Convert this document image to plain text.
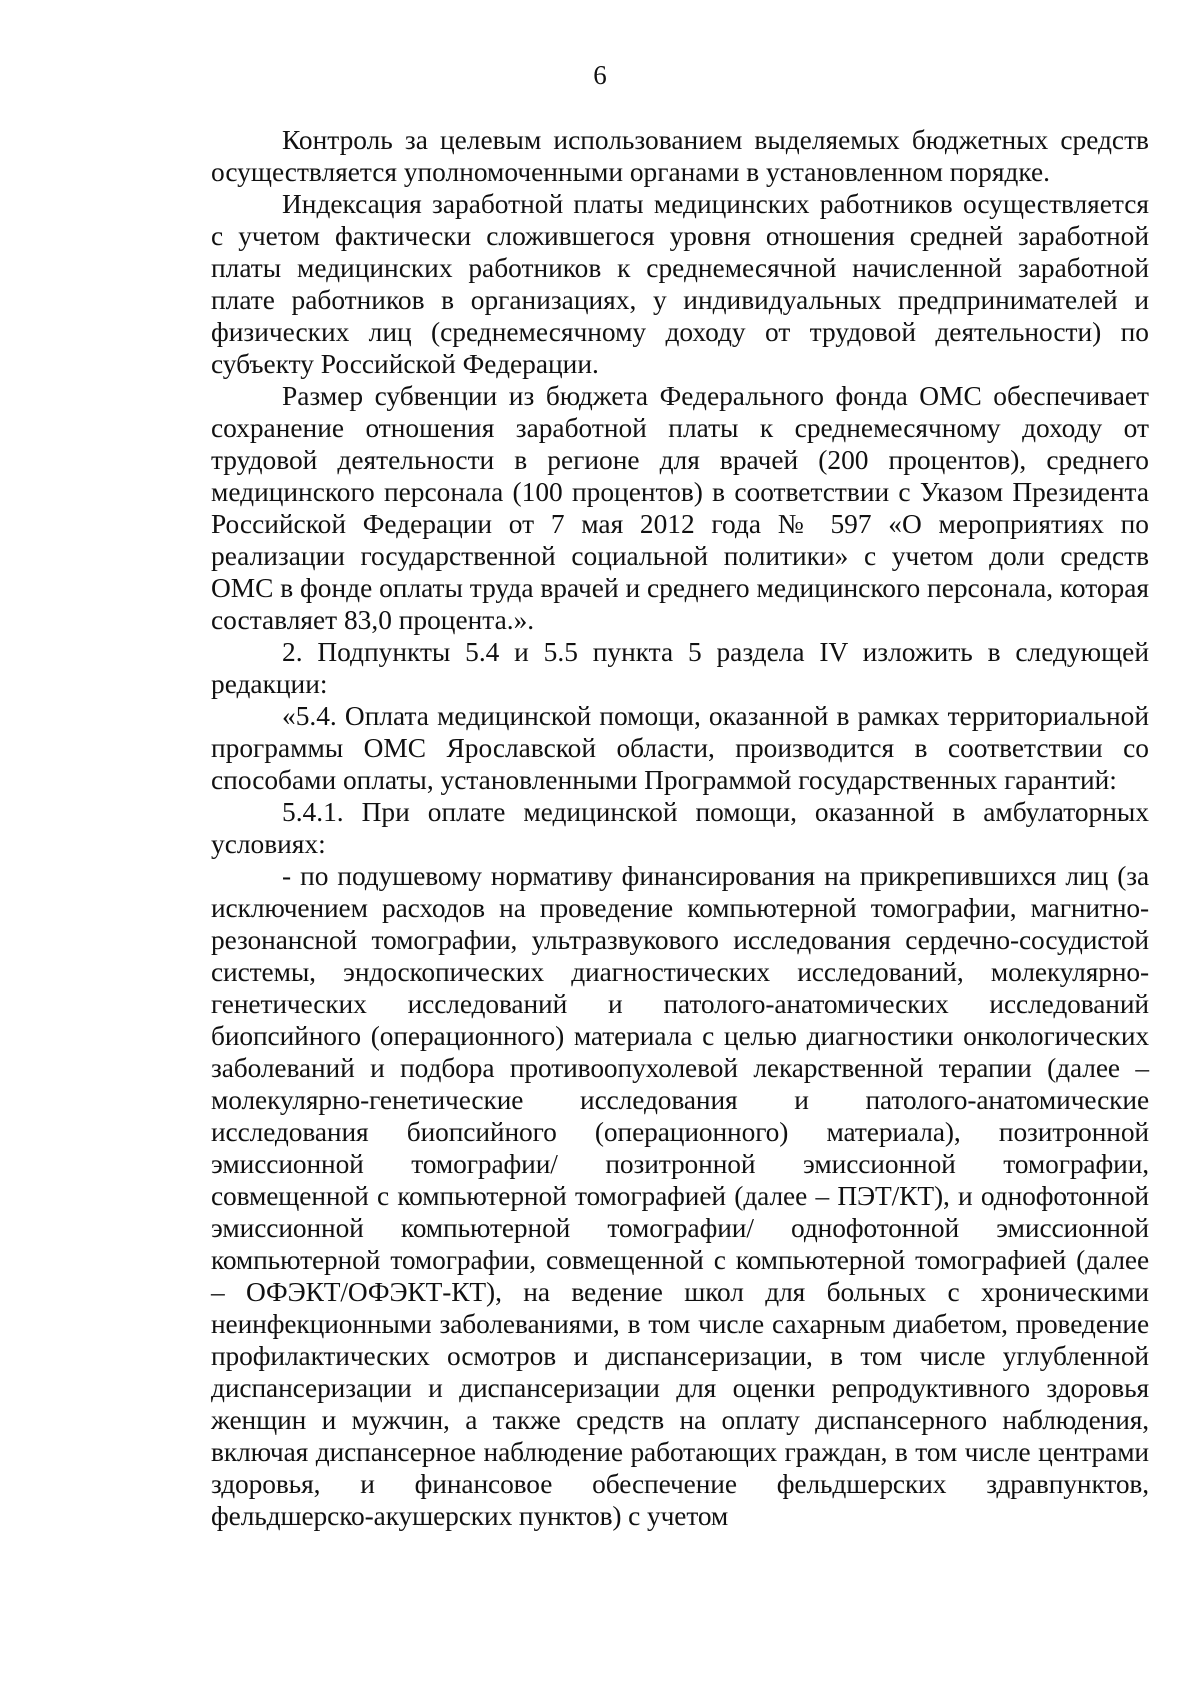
6

Контроль за целевым использованием выделяемых бюджетных средств осуществляется уполномоченными органами в установленном порядке.

Индексация заработной платы медицинских работников осуществляется с учетом фактически сложившегося уровня отношения средней заработной платы медицинских работников к среднемесячной начисленной заработной плате работников в организациях, у индивидуальных предпринимателей и физических лиц (среднемесячному доходу от трудовой деятельности) по субъекту Российской Федерации.

Размер субвенции из бюджета Федерального фонда ОМС обеспечивает сохранение отношения заработной платы к среднемесячному доходу от трудовой деятельности в регионе для врачей (200 процентов), среднего медицинского персонала (100 процентов) в соответствии с Указом Президента Российской Федерации от 7 мая 2012 года № 597 «О мероприятиях по реализации государственной социальной политики» с учетом доли средств ОМС в фонде оплаты труда врачей и среднего медицинского персонала, которая составляет 83,0 процента.».

2. Подпункты 5.4 и 5.5 пункта 5 раздела IV изложить в следующей редакции:

«5.4. Оплата медицинской помощи, оказанной в рамках территориальной программы ОМС Ярославской области, производится в соответствии со способами оплаты, установленными Программой государственных гарантий:

5.4.1. При оплате медицинской помощи, оказанной в амбулаторных условиях:

- по подушевому нормативу финансирования на прикрепившихся лиц (за исключением расходов на проведение компьютерной томографии, магнитно-резонансной томографии, ультразвукового исследования сердечно-сосудистой системы, эндоскопических диагностических исследований, молекулярно-генетических исследований и патолого-анатомических исследований биопсийного (операционного) материала с целью диагностики онкологических заболеваний и подбора противоопухолевой лекарственной терапии (далее – молекулярно-генетические исследования и патолого-анатомические исследования биопсийного (операционного) материала), позитронной эмиссионной томографии/ позитронной эмиссионной томографии, совмещенной с компьютерной томографией (далее – ПЭТ/КТ), и однофотонной эмиссионной компьютерной томографии/ однофотонной эмиссионной компьютерной томографии, совмещенной с компьютерной томографией (далее – ОФЭКТ/ОФЭКТ-КТ), на ведение школ для больных с хроническими неинфекционными заболеваниями, в том числе сахарным диабетом, проведение профилактических осмотров и диспансеризации, в том числе углубленной диспансеризации и диспансеризации для оценки репродуктивного здоровья женщин и мужчин, а также средств на оплату диспансерного наблюдения, включая диспансерное наблюдение работающих граждан, в том числе центрами здоровья, и финансовое обеспечение фельдшерских здравпунктов, фельдшерско-акушерских пунктов) с учетом
